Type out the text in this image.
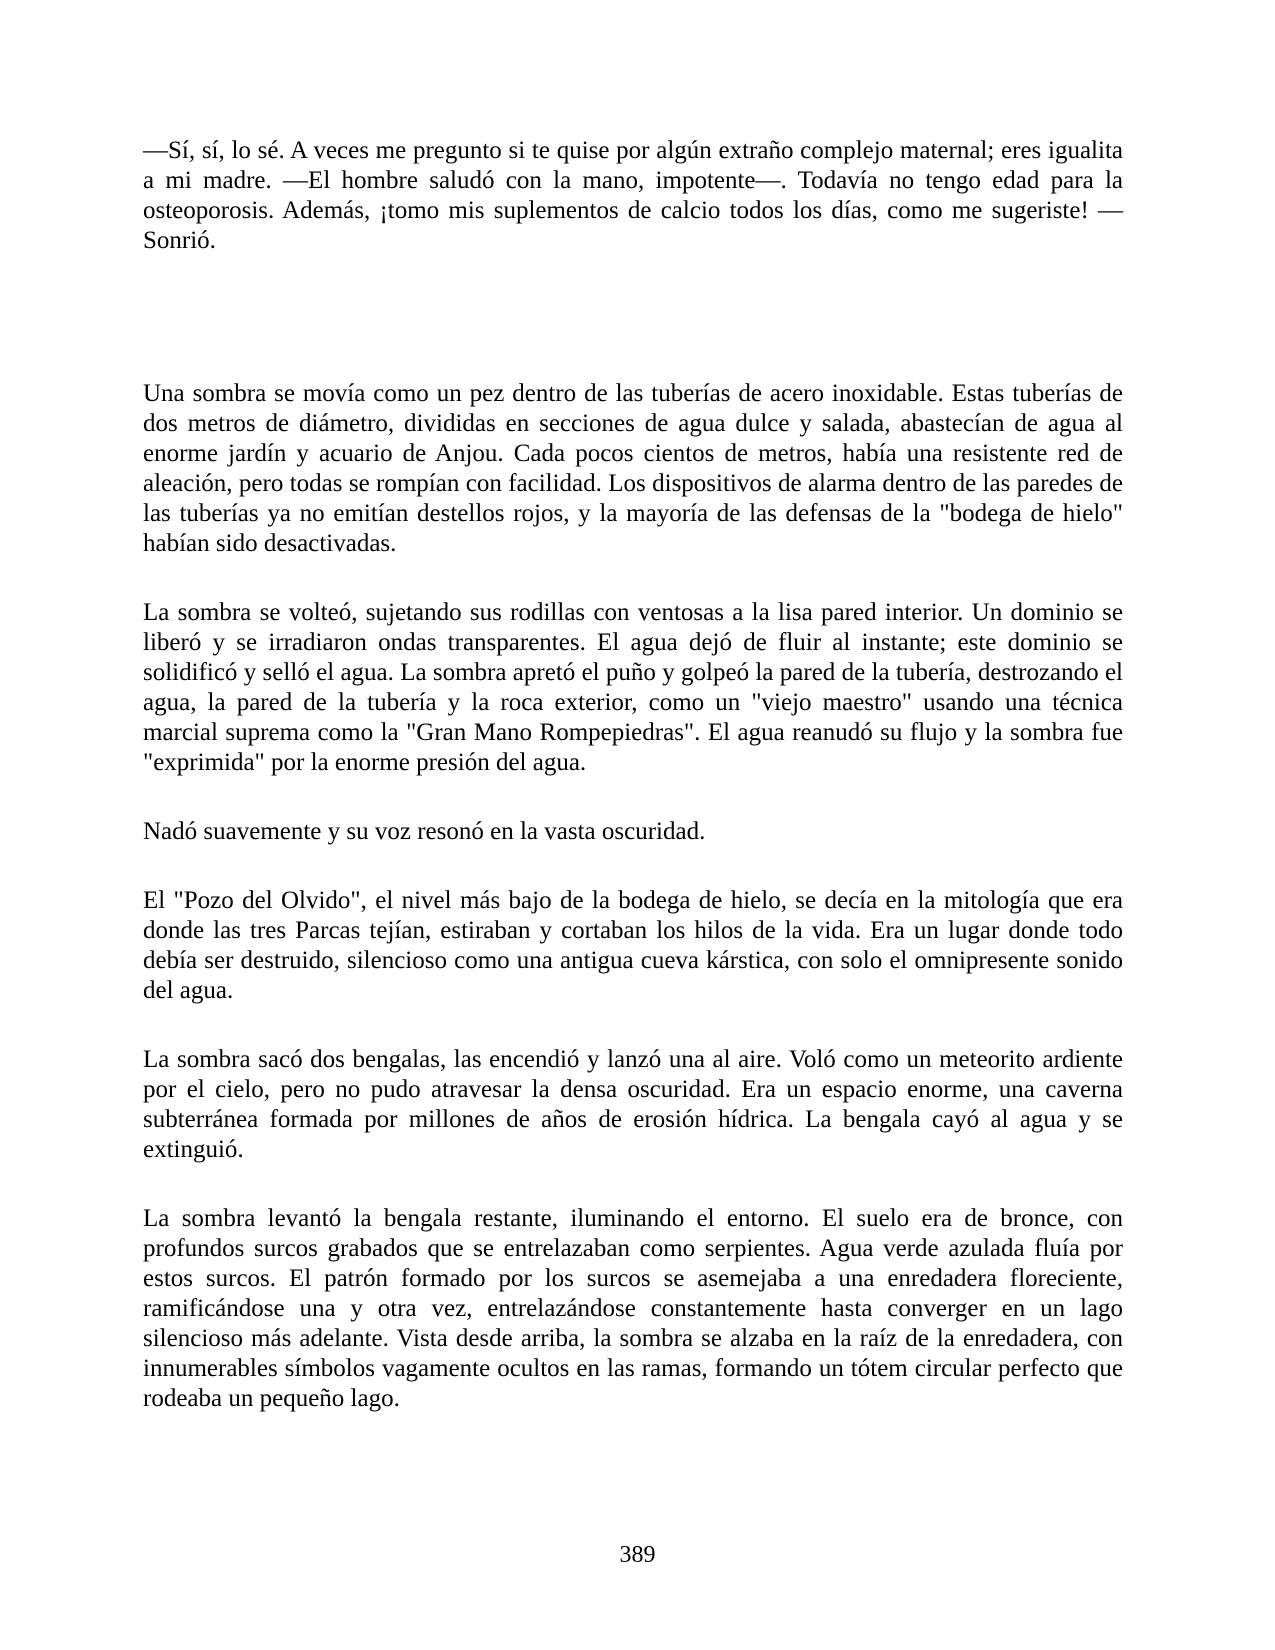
—Sí, sí, lo sé. A veces me pregunto si te quise por algún extraño complejo maternal; eres igualita a mi madre. —El hombre saludó con la mano, impotente—. Todavía no tengo edad para la osteoporosis. Además, ¡tomo mis suplementos de calcio todos los días, como me sugeriste! — Sonrió.

Una sombra se movía como un pez dentro de las tuberías de acero inoxidable. Estas tuberías de dos metros de diámetro, divididas en secciones de agua dulce y salada, abastecían de agua al enorme jardín y acuario de Anjou. Cada pocos cientos de metros, había una resistente red de aleación, pero todas se rompían con facilidad. Los dispositivos de alarma dentro de las paredes de las tuberías ya no emitían destellos rojos, y la mayoría de las defensas de la "bodega de hielo" habían sido desactivadas.

La sombra se volteó, sujetando sus rodillas con ventosas a la lisa pared interior. Un dominio se liberó y se irradiaron ondas transparentes. El agua dejó de fluir al instante; este dominio se solidificó y selló el agua. La sombra apretó el puño y golpeó la pared de la tubería, destrozando el agua, la pared de la tubería y la roca exterior, como un "viejo maestro" usando una técnica marcial suprema como la "Gran Mano Rompepiedras". El agua reanudó su flujo y la sombra fue "exprimida" por la enorme presión del agua.

Nadó suavemente y su voz resonó en la vasta oscuridad.

El "Pozo del Olvido", el nivel más bajo de la bodega de hielo, se decía en la mitología que era donde las tres Parcas tejían, estiraban y cortaban los hilos de la vida. Era un lugar donde todo debía ser destruido, silencioso como una antigua cueva kárstica, con solo el omnipresente sonido del agua.

La sombra sacó dos bengalas, las encendió y lanzó una al aire. Voló como un meteorito ardiente por el cielo, pero no pudo atravesar la densa oscuridad. Era un espacio enorme, una caverna subterránea formada por millones de años de erosión hídrica. La bengala cayó al agua y se extinguió.

La sombra levantó la bengala restante, iluminando el entorno. El suelo era de bronce, con profundos surcos grabados que se entrelazaban como serpientes. Agua verde azulada fluía por estos surcos. El patrón formado por los surcos se asemejaba a una enredadera floreciente, ramificándose una y otra vez, entrelazándose constantemente hasta converger en un lago silencioso más adelante. Vista desde arriba, la sombra se alzaba en la raíz de la enredadera, con innumerables símbolos vagamente ocultos en las ramas, formando un tótem circular perfecto que rodeaba un pequeño lago.

389
